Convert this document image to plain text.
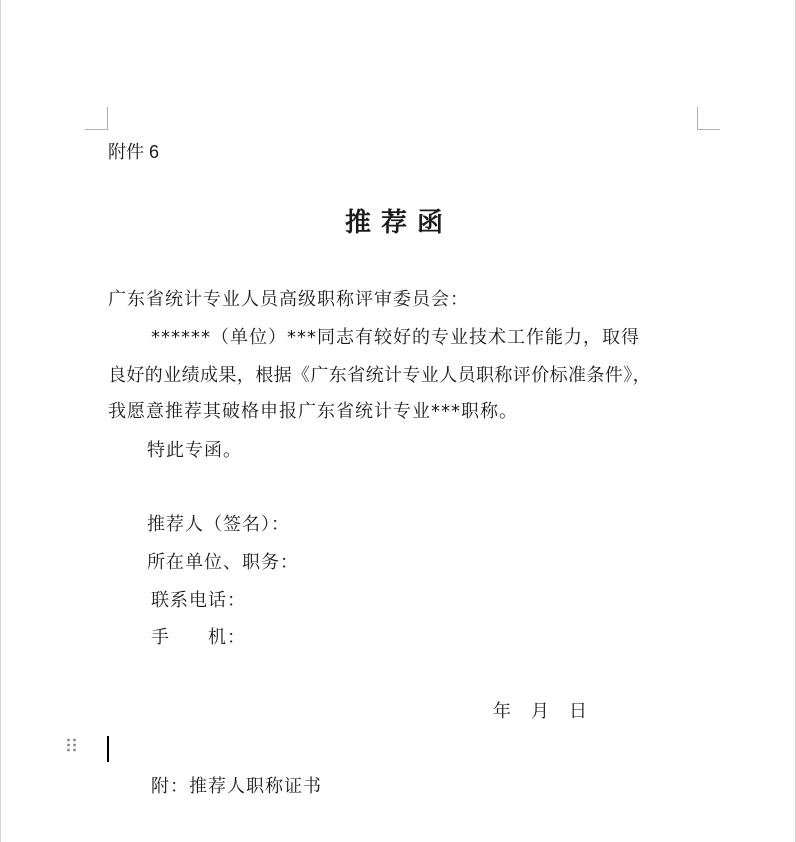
附件 6
推荐函
广东省统计专业人员高级职称评审委员会：
******（单位）***同志有较好的专业技术工作能力，取得
良好的业绩成果，根据《广东省统计专业人员职称评价标准条件》，
我愿意推荐其破格申报广东省统计专业***职称。
特此专函。
推荐人（签名）：
所在单位、职务：
联系电话：
手　　机：
年　月　日
附：推荐人职称证书
